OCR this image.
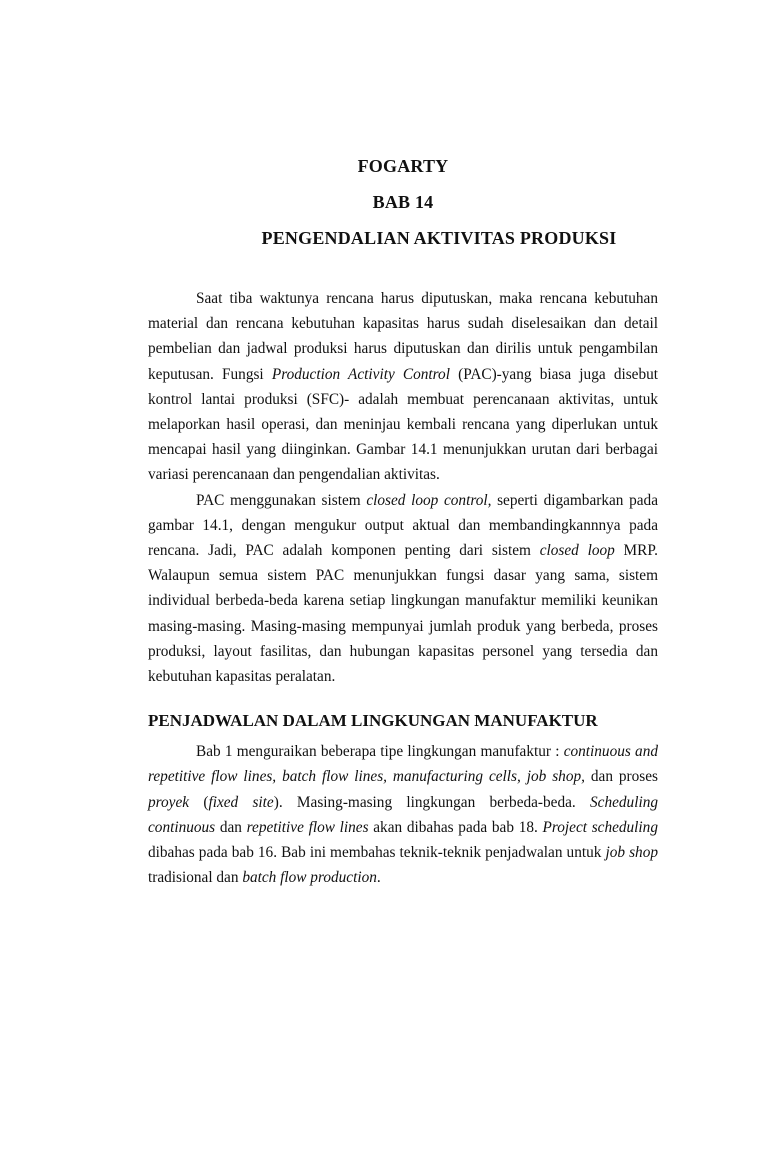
FOGARTY
BAB 14
PENGENDALIAN AKTIVITAS PRODUKSI

Saat tiba waktunya rencana harus diputuskan, maka rencana kebutuhan material dan rencana kebutuhan kapasitas harus sudah diselesaikan dan detail pembelian dan jadwal produksi harus diputuskan dan dirilis untuk pengambilan keputusan. Fungsi Production Activity Control (PAC)-yang biasa juga disebut kontrol lantai produksi (SFC)- adalah membuat perencanaan aktivitas, untuk melaporkan hasil operasi, dan meninjau kembali rencana yang diperlukan untuk mencapai hasil yang diinginkan. Gambar 14.1 menunjukkan urutan dari berbagai variasi perencanaan dan pengendalian aktivitas.

PAC menggunakan sistem closed loop control, seperti digambarkan pada gambar 14.1, dengan mengukur output aktual dan membandingkannnya pada rencana. Jadi, PAC adalah komponen penting dari sistem closed loop MRP. Walaupun semua sistem PAC menunjukkan fungsi dasar yang sama, sistem individual berbeda-beda karena setiap lingkungan manufaktur memiliki keunikan masing-masing. Masing-masing mempunyai jumlah produk yang berbeda, proses produksi, layout fasilitas, dan hubungan kapasitas personel yang tersedia dan kebutuhan kapasitas peralatan.

PENJADWALAN DALAM LINGKUNGAN MANUFAKTUR

Bab 1 menguraikan beberapa tipe lingkungan manufaktur : continuous and repetitive flow lines, batch flow lines, manufacturing cells, job shop, dan proses proyek (fixed site). Masing-masing lingkungan berbeda-beda. Scheduling continuous dan repetitive flow lines akan dibahas pada bab 18. Project scheduling dibahas pada bab 16. Bab ini membahas teknik-teknik penjadwalan untuk job shop tradisional dan batch flow production.
